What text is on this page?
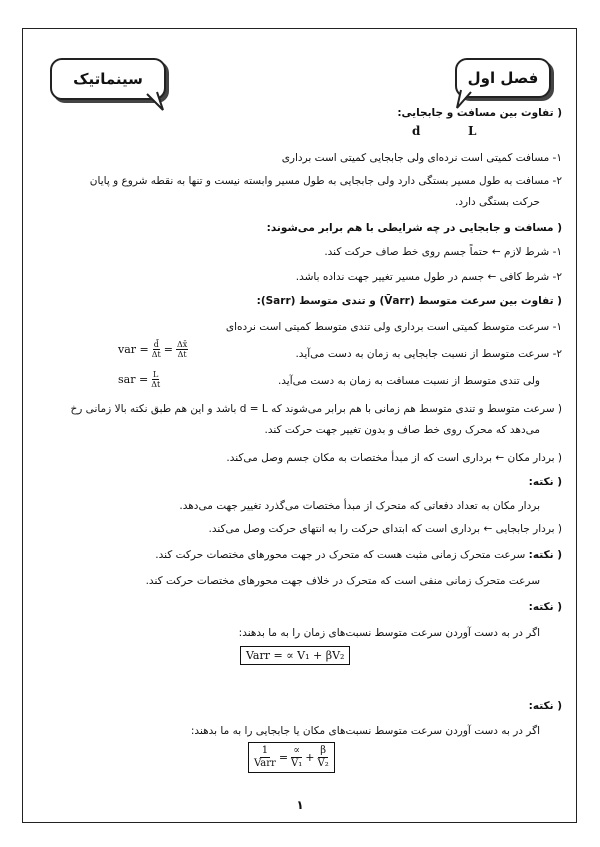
فصل اول
سینماتیک
( تفاوت بین مسافت و جابجایی:
d	L
۱- مسافت کمیتی است نرده‌ای ولی جابجایی کمیتی است برداری
۲- مسافت به طول مسیر بستگی دارد ولی جابجایی به طول مسیر وابسته نیست و تنها به نقطه شروع و پایان
حرکت بستگی دارد.
( مسافت و جابجایی در چه شرایطی با هم برابر می‌شوند:
۱- شرط لازم ← حتماً جسم روی خط صاف حرکت کند.
۲- شرط کافی ← جسم در طول مسیر تغییر جهت نداده باشد.
( تفاوت بین سرعت متوسط (V̄arr) و تندی متوسط (Sarr):
۱- سرعت متوسط کمیتی است برداری ولی تندی متوسط کمیتی است نرده‌ای
۲- سرعت متوسط از نسبت جابجایی به زمان به دست می‌آید.
ولی تندی متوسط از نسبت مسافت به زمان به دست می‌آید.
var = $\frac{d̄}{\Delta t} = \frac{\Delta x̄}{\Delta t}$
sar = $\frac{L}{\Delta t}$
( سرعت متوسط و تندی متوسط هم زمانی با هم برابر می‌شوند که d = L باشد و این هم طبق نکته بالا زمانی رخ
می‌دهد که محرک روی خط صاف و بدون تغییر جهت حرکت کند.
( بردار مکان ← برداری است که از مبدأ مختصات به مکان جسم وصل می‌کند.
( نکته:
بردار مکان به تعداد دفعاتی که متحرک از مبدأ مختصات می‌گذرد تغییر جهت می‌دهد.
( بردار جابجایی ← برداری است که ابتدای حرکت را به انتهای حرکت وصل می‌کند.
( نکته: سرعت متحرک زمانی مثبت هست که متحرک در جهت محورهای مختصات حرکت کند.
سرعت متحرک زمانی منفی است که متحرک در خلاف جهت محورهای مختصات حرکت کند.
( نکته:
اگر در به دست آوردن سرعت متوسط نسبت‌های زمان را به ما بدهند:
Varr = ∝ V₁ + βV₂
( نکته:
اگر در به دست آوردن سرعت متوسط نسبت‌های مکان یا جابجایی را به ما بدهند:
1
Varr =
∝
$V_1 + \frac{\beta}{\text{V₂}}$
۱
